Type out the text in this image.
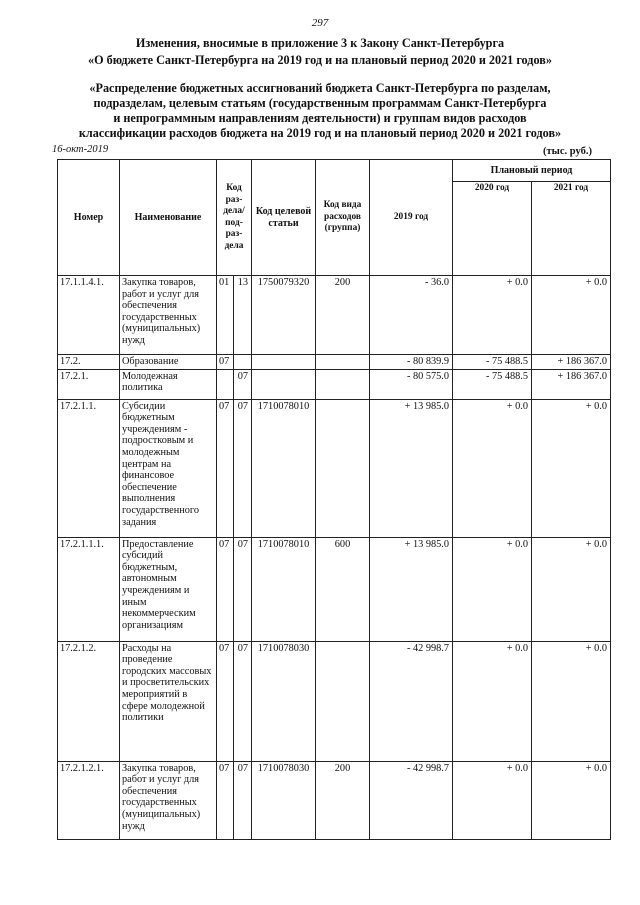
297
Изменения, вносимые в приложение 3 к Закону Санкт-Петербурга
«О бюджете Санкт-Петербурга на 2019 год и на плановый период 2020 и 2021 годов»
«Распределение бюджетных ассигнований бюджета Санкт-Петербурга по разделам,
подразделам, целевым статьям (государственным программам Санкт-Петербурга
и непрограммным направлениям деятельности) и группам видов расходов
классификации расходов бюджета на 2019 год и на плановый период 2020 и 2021 годов»
16-окт-2019	(тыс. руб.)
Номер	Наименование	Код раз-дела/ под-раз-дела		Код целевой статьи	Код вида расходов (группа)	2019 год	Плановый период	
							2020 год	2021 год
17.1.1.4.1.	Закупка товаров, работ и услуг для обеспечения государственных (муниципальных) нужд	01	13	1750079320	200	- 36.0	+ 0.0	+ 0.0
17.2.	Образование	07				- 80 839.9	- 75 488.5	+ 186 367.0
17.2.1.	Молодежная политика		07			- 80 575.0	- 75 488.5	+ 186 367.0
17.2.1.1.	Субсидии бюджетным учреждениям - подростковым и молодежным центрам на финансовое обеспечение выполнения государственного задания	07	07	1710078010		+ 13 985.0	+ 0.0	+ 0.0
17.2.1.1.1.	Предоставление субсидий бюджетным, автономным учреждениям и иным некоммерческим организациям	07	07	1710078010	600	+ 13 985.0	+ 0.0	+ 0.0
17.2.1.2.	Расходы на проведение городских массовых и просветительских мероприятий в сфере молодежной политики	07	07	1710078030		- 42 998.7	+ 0.0	+ 0.0
17.2.1.2.1.	Закупка товаров, работ и услуг для обеспечения государственных (муниципальных) нужд	07	07	1710078030	200	- 42 998.7	+ 0.0	+ 0.0
